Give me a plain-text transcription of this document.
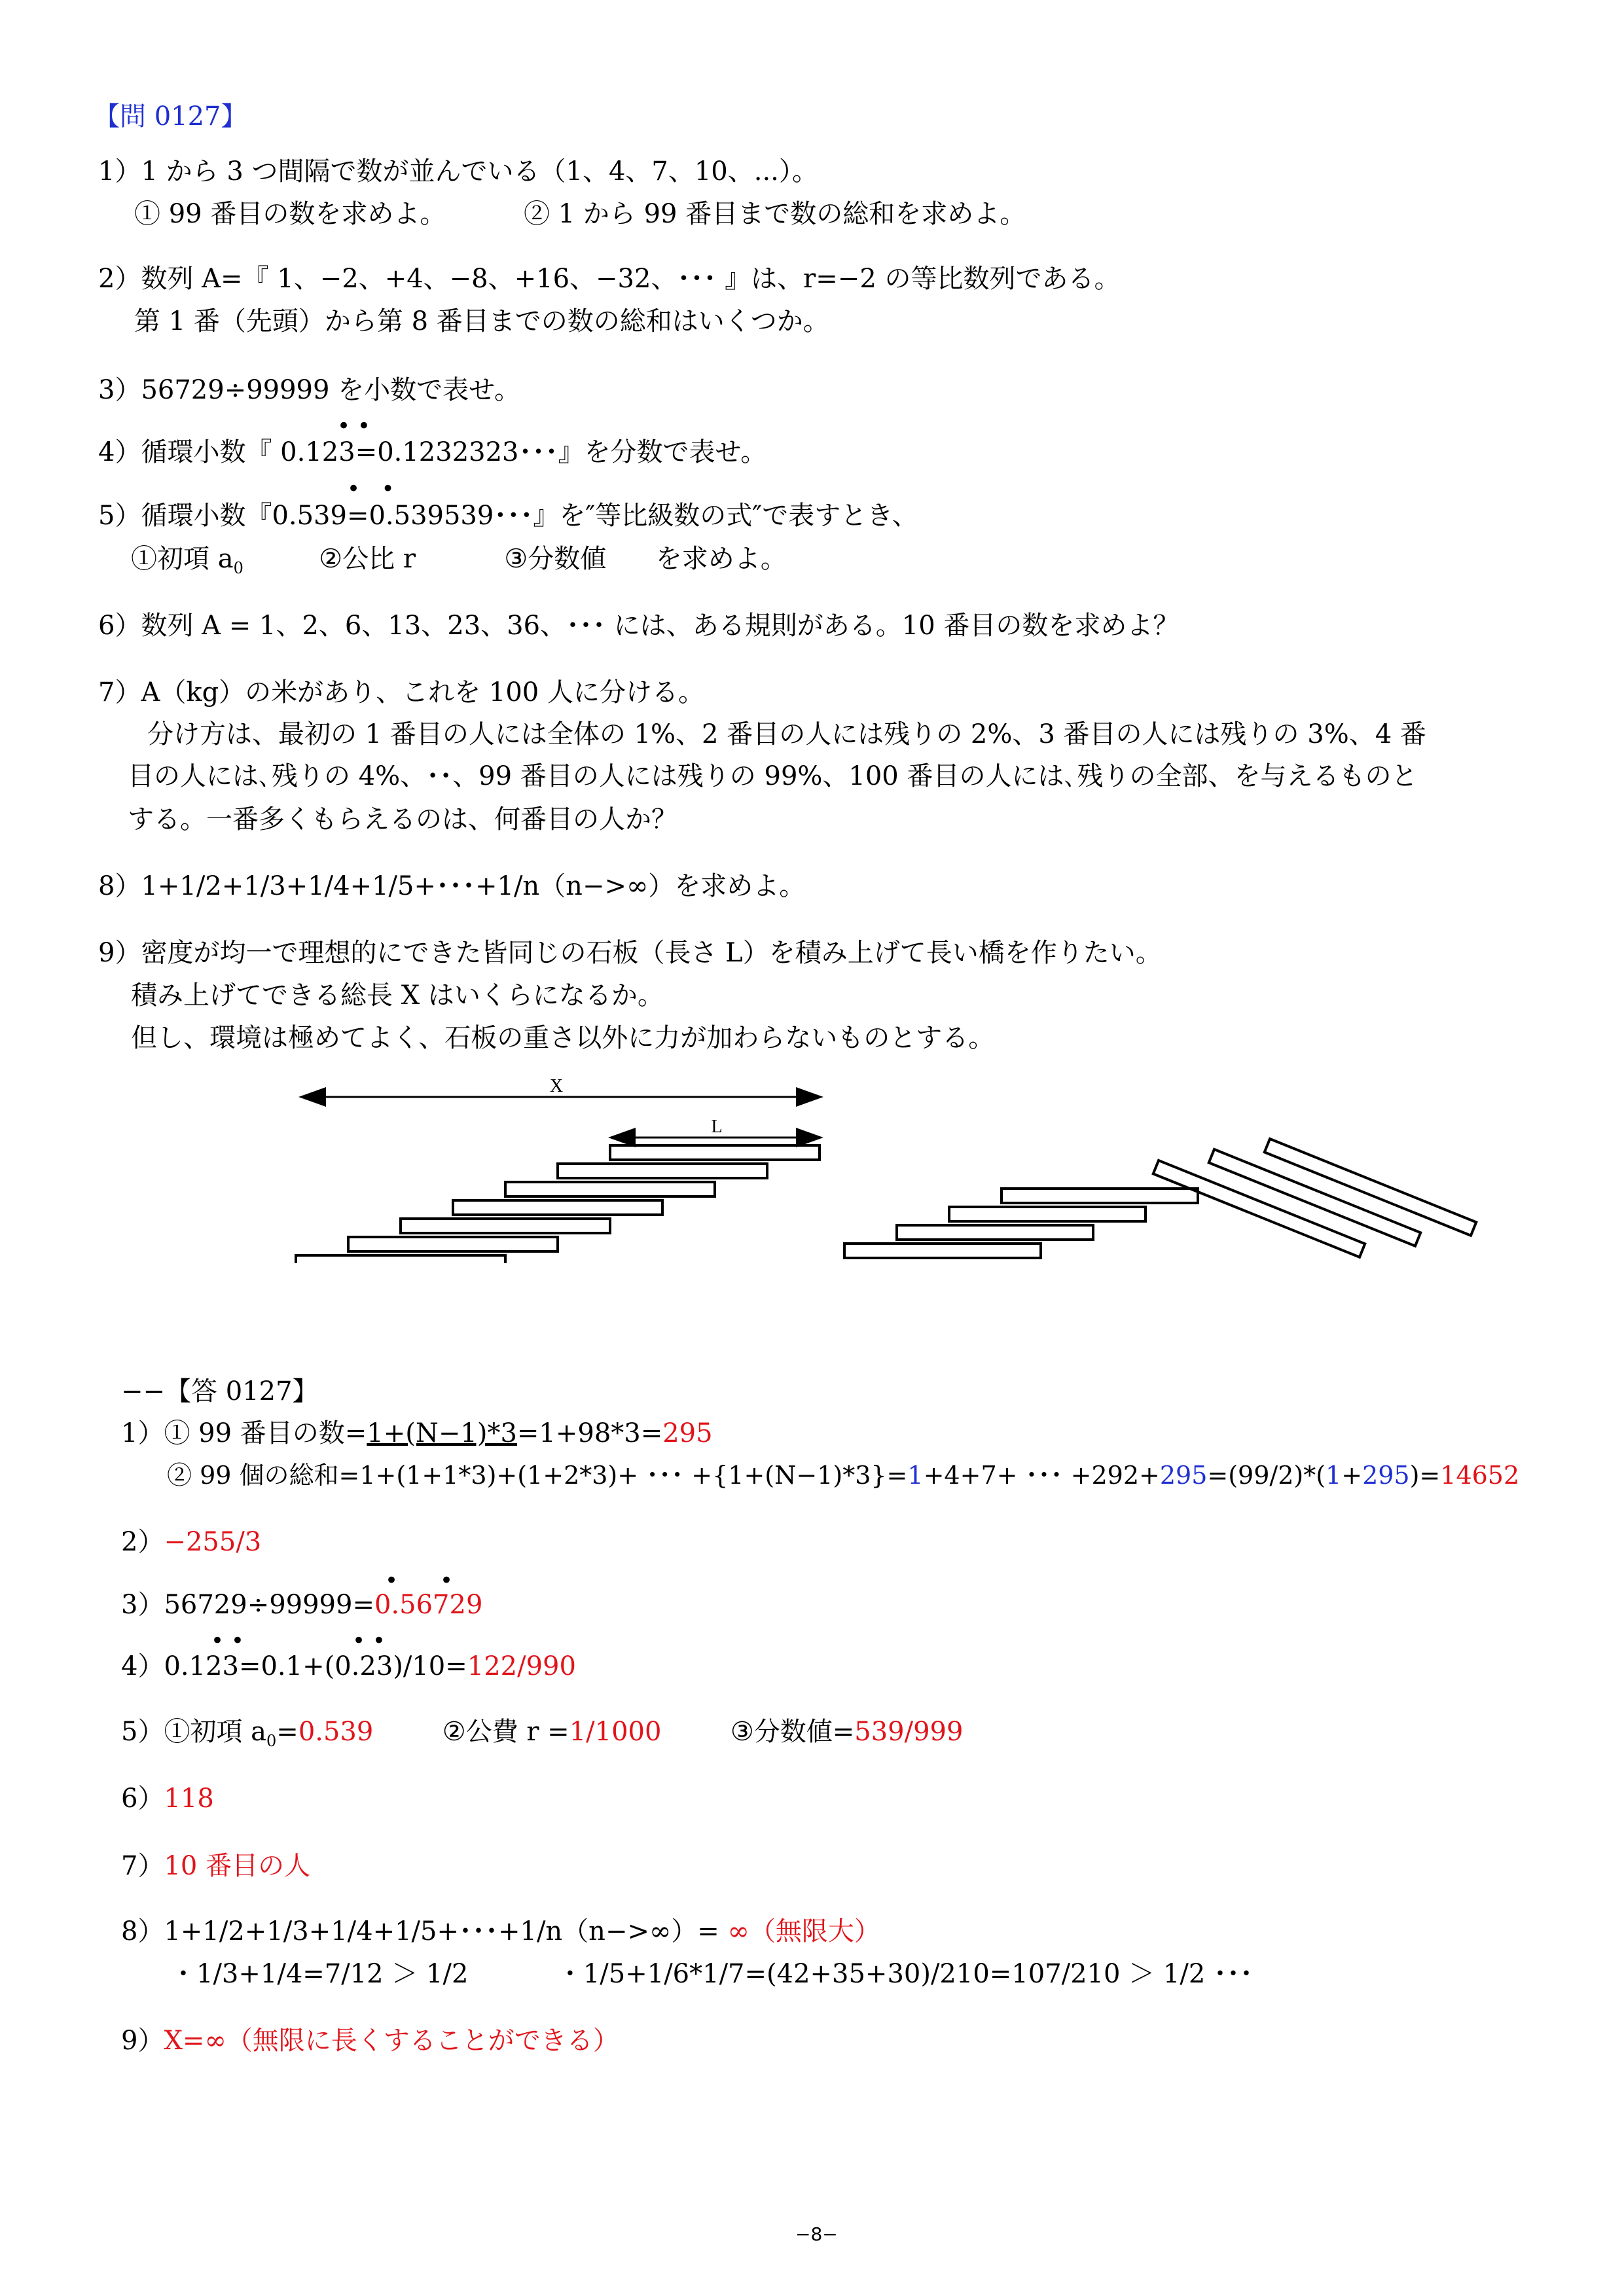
【問 0127】
1）1 から 3 つ間隔で数が並んでいる（1、4、7、10、...）。
① 99 番目の数を求めよ。	② 1 から 99 番目まで数の総和を求めよ。
2）数列 A=『 1、−2、+4、−8、+16、−32、･･･ 』は、r=−2 の等比数列である。
第 1 番（先頭）から第 8 番目までの数の総和はいくつか。
3）56729÷99999 を小数で表せ。
• •
4）循環小数『 0.123=0.1232323･･･』を分数で表せ。
•   •
5）循環小数『0.539=0.539539･･･』を″等比級数の式″で表すとき、
①初項 $a_0$	②公比 r	③分数値 を求めよ。
6）数列 A = 1、2、6、13、23、36、･･･ には、ある規則がある。10 番目の数を求めよ？
7）A（kg）の米があり、これを 100 人に分ける。
分け方は、最初の 1 番目の人には全体の 1%、2 番目の人には残りの 2%、3 番目の人には残りの 3%、4 番
目の人には､残りの 4%、･･、99 番目の人には残りの 99%、100 番目の人には､残りの全部、を与えるものと
する。一番多くもらえるのは、何番目の人か？
8）1+1/2+1/3+1/4+1/5+･･･+1/n（n−>∞）を求めよ。
9）密度が均一で理想的にできた皆同じの石板（長さ L）を積み上げて長い橋を作りたい。
積み上げてできる総長 X はいくらになるか。
但し、環境は極めてよく、石板の重さ以外に力が加わらないものとする。
X
L
−−【答 0127】
1）① 99 番目の数=1+(N−1)*3=1+98*3=295
② 99 個の総和=1+(1+1*3)+(1+2*3)+ ･･･ +{1+(N−1)*3}=1+4+7+ ･･･ +292+295=(99/2)*(1+295)=14652
2）−255/3
• •
3）56729÷99999=0.56729
• •	• •
4）0.123=0.1+(0.23)/10=122/990
5）①初項 $a_0=0.539$	②公費 r =1/1000	③分数値=539/999
6）118
7）10 番目の人
8）1+1/2+1/3+1/4+1/5+･･･+1/n（n−>∞）= ∞（無限大）
・1/3+1/4=7/12 ＞ 1/2	・1/5+1/6*1/7=(42+35+30)/210=107/210 ＞ 1/2 ･･･
9）X=∞（無限に長くすることができる）
−8−
